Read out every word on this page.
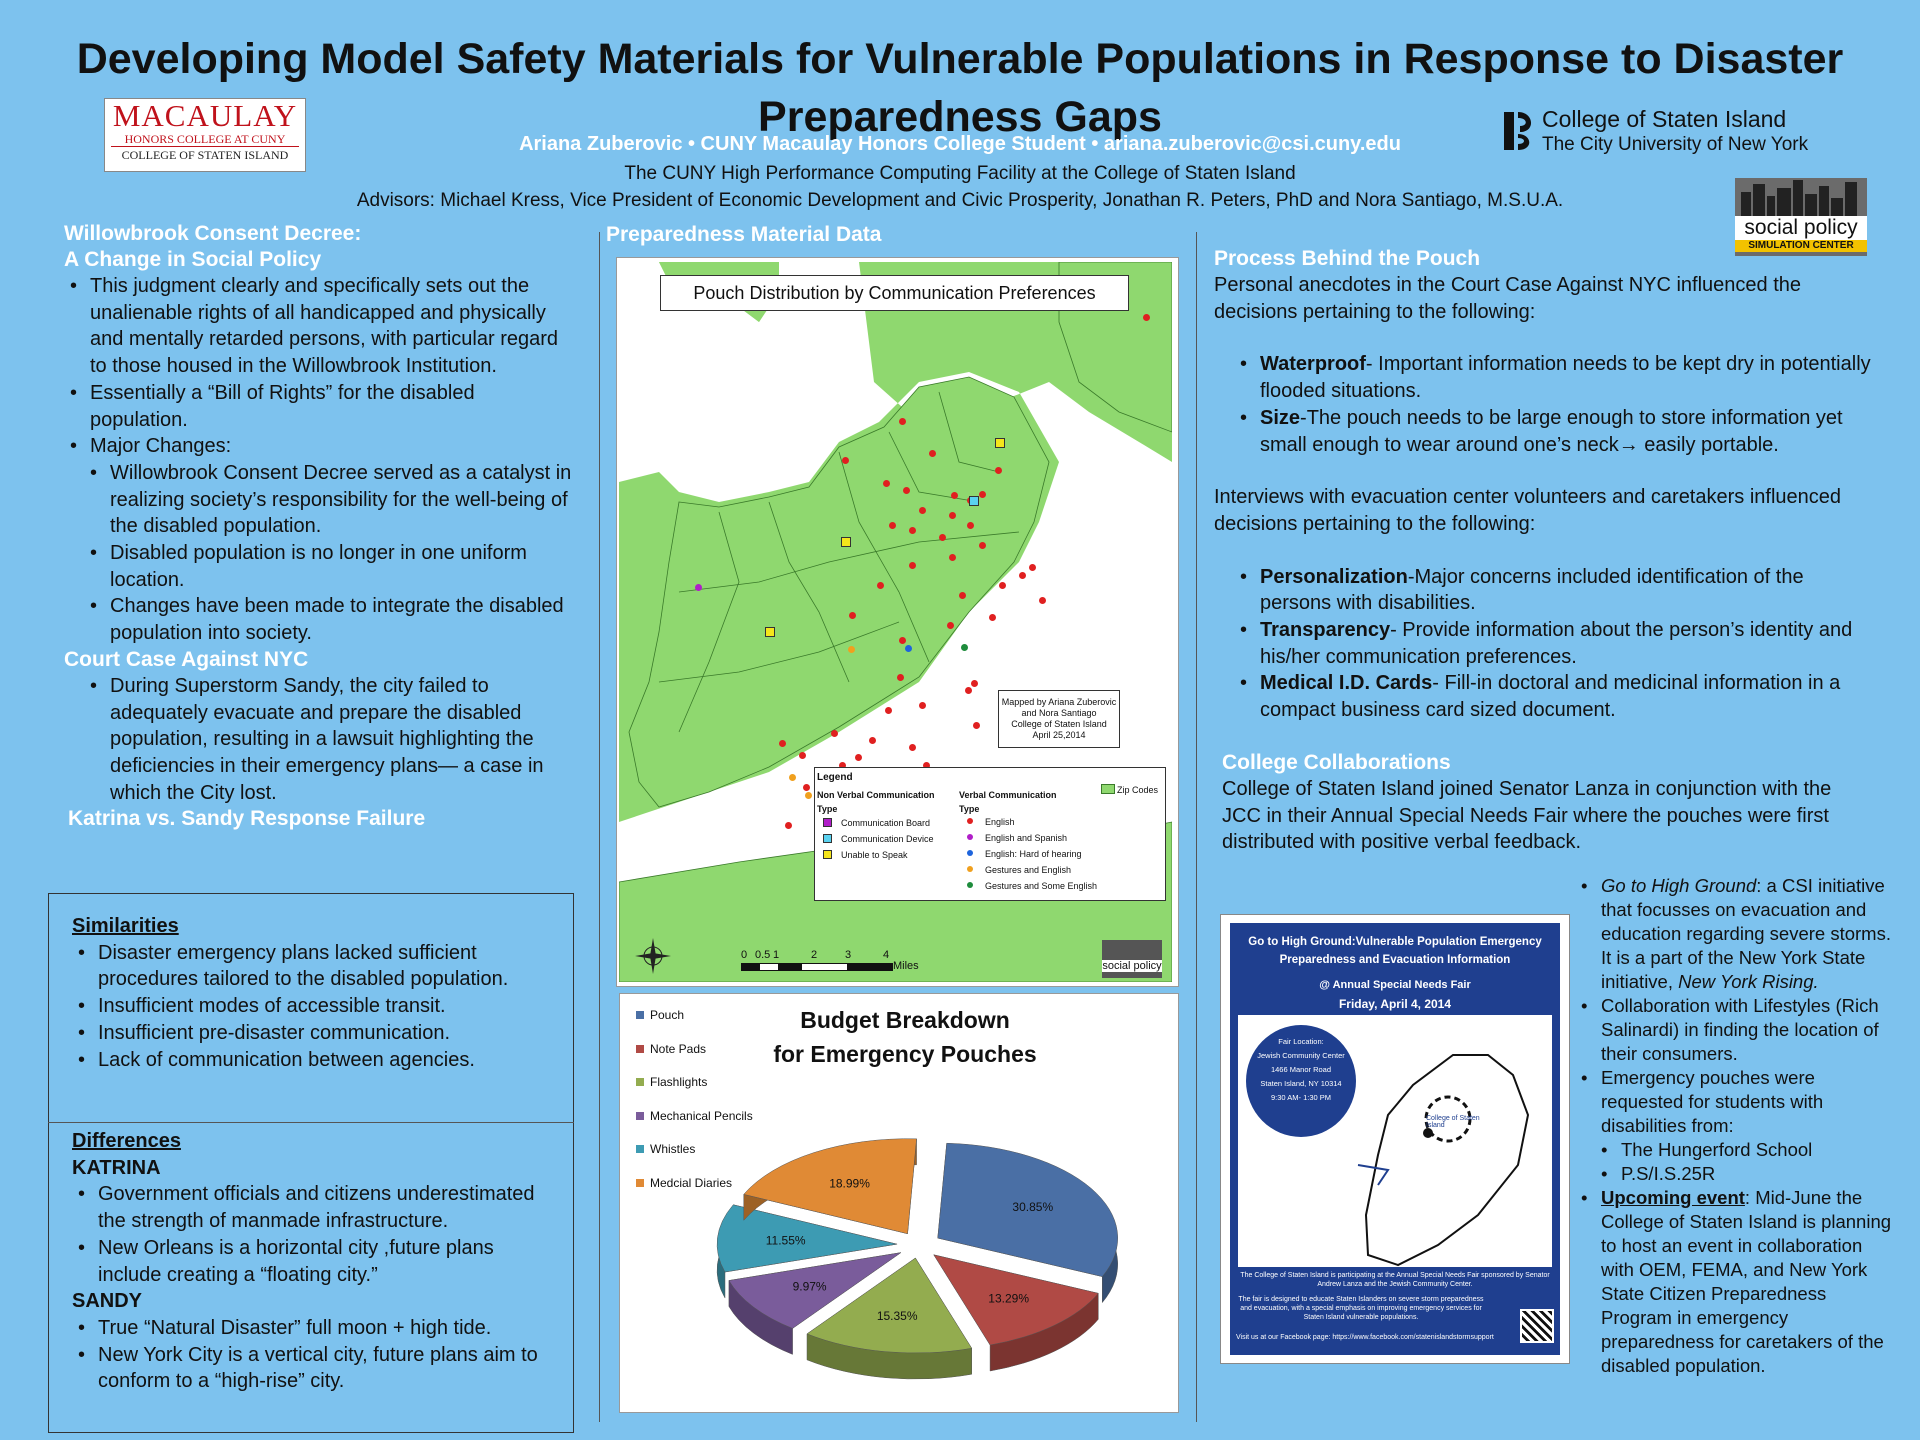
Developing Model Safety Materials for Vulnerable Populations in Response to Disaster
Preparedness Gaps
Ariana Zuberovic • CUNY Macaulay Honors College Student • ariana.zuberovic@csi.cuny.edu
The CUNY High Performance Computing Facility at the College of Staten Island
Advisors: Michael Kress, Vice President of Economic Development and Civic Prosperity, Jonathan R. Peters, PhD and Nora Santiago, M.S.U.A.
MACAULAY
HONORS COLLEGE AT CUNY
COLLEGE OF STATEN ISLAND
College of Staten Island
The City University of New York
social policy
SIMULATION CENTER
Willowbrook Consent Decree:
A Change in Social Policy
• This judgment clearly and specifically sets out the unalienable rights of all handicapped and physically and mentally retarded persons, with particular regard to those housed in the Willowbrook Institution.
• Essentially a “Bill of Rights” for the disabled population.
• Major Changes:
• Willowbrook Consent Decree served as a catalyst in realizing society’s responsibility for the well-being of the disabled population.
• Disabled population is no longer in one uniform location.
• Changes have been made to integrate the disabled population into society.
Court Case Against NYC
• During Superstorm Sandy, the city failed to adequately evacuate and prepare the disabled population, resulting in a lawsuit highlighting the deficiencies in their emergency plans— a case in which the City lost.
Katrina vs. Sandy Response Failure
Similarities
• Disaster emergency plans lacked sufficient procedures tailored to the disabled population.
• Insufficient modes of accessible transit.
• Insufficient pre-disaster communication.
• Lack of communication between agencies.
Differences
KATRINA
• Government officials and citizens underestimated the strength of manmade infrastructure.
• New Orleans is a horizontal city ,future plans include creating a “floating city.”
SANDY
• True “Natural Disaster” full moon + high tide.
• New York City is a vertical city, future plans aim to conform to a “high-rise” city.
Preparedness Material Data
Pouch Distribution by Communication Preferences
Mapped by Ariana Zuberovic
and Nora Santiago
College of Staten Island
April 25,2014
Legend
Non Verbal Communication
Type
Verbal Communication
Type
Zip Codes
Communication Board
Communication Device
Unable to Speak
English
English and Spanish
English: Hard of hearing
Gestures and English
Gestures and Some English
0 0.5 1	2	3	4
Miles	social policy
Budget Breakdown
for Emergency Pouches
Pouch
Note Pads
Flashlights
Mechanical Pencils
Whistles
Medcial Diaries
30.85%
13.29%
15.35%
9.97%
11.55%
18.99%
Process Behind the Pouch
Personal anecdotes in the Court Case Against NYC influenced the decisions pertaining to the following:
• Waterproof- Important information needs to be kept dry in potentially flooded situations.
• Size-The pouch needs to be large enough to store information yet small enough to wear around one’s neck→ easily portable.
Interviews with evacuation center volunteers and caretakers influenced decisions pertaining to the following:
• Personalization-Major concerns included identification of the persons with disabilities.
• Transparency- Provide information about the person’s identity and his/her communication preferences.
• Medical I.D. Cards- Fill-in doctoral and medicinal information in a compact business card sized document.
College Collaborations
College of Staten Island joined Senator Lanza in conjunction with the JCC in their Annual Special Needs Fair where the pouches were first distributed with positive verbal feedback.
Go to High Ground:Vulnerable Population Emergency Preparedness and Evacuation Information
@ Annual Special Needs Fair
Friday, April 4, 2014
Fair Location:
Jewish Community Center
1466 Manor Road
Staten Island, NY 10314
9:30 AM- 1:30 PM
College of Staten Island
The College of Staten Island is participating at the Annual Special Needs Fair sponsored by Senator Andrew Lanza and the Jewish Community Center.
The fair is designed to educate Staten Islanders on severe storm preparedness and evacuation, with a special emphasis on improving emergency services for Staten Island vulnerable populations.
Visit us at our Facebook page: https://www.facebook.com/statenislandstormsupport
• Go to High Ground: a CSI initiative that focusses on evacuation and education regarding severe storms. It is a part of the New York State initiative, New York Rising.
• Collaboration with Lifestyles (Rich Salinardi) in finding the location of their consumers.
• Emergency pouches were requested for students with disabilities from:
• The Hungerford School
• P.S/I.S.25R
• Upcoming event: Mid-June the College of Staten Island is planning to host an event in collaboration with OEM, FEMA, and New York State Citizen Preparedness Program in emergency preparedness for caretakers of the disabled population.
